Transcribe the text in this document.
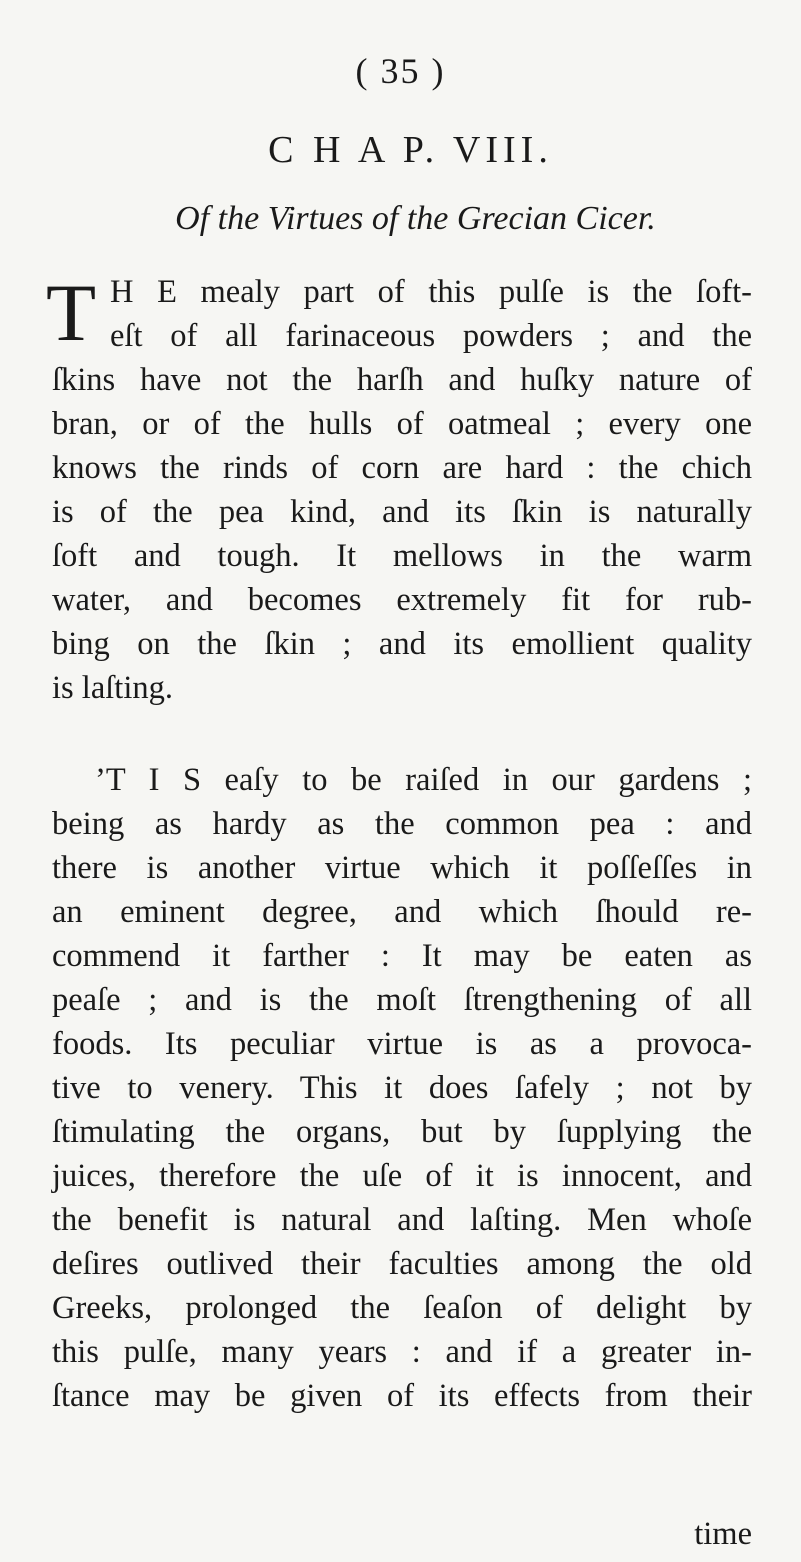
( 35 )
C H A P. VIII.
Of the Virtues of the Grecian Cicer.
T H E mealy part of this pulſe is the ſoft-
eſt of all farinaceous powders ; and the
ſkins have not the harſh and huſky nature of
bran, or of the hulls of oatmeal ; every one
knows the rinds of corn are hard : the chich
is of the pea kind, and its ſkin is naturally
ſoft and tough. It mellows in the warm
water, and becomes extremely fit for rub-
bing on the ſkin ; and its emollient quality
is laſting.
’T I S eaſy to be raiſed in our gardens ;
being as hardy as the common pea : and
there is another virtue which it poſſeſſes in
an eminent degree, and which ſhould re-
commend it farther : It may be eaten as
peaſe ; and is the moſt ſtrengthening of all
foods. Its peculiar virtue is as a provoca-
tive to venery. This it does ſafely ; not by
ſtimulating the organs, but by ſupplying the
juices, therefore the uſe of it is innocent, and
the benefit is natural and laſting. Men whoſe
deſires outlived their faculties among the old
Greeks, prolonged the ſeaſon of delight by
this pulſe, many years : and if a greater in-
ſtance may be given of its effects from their
time
